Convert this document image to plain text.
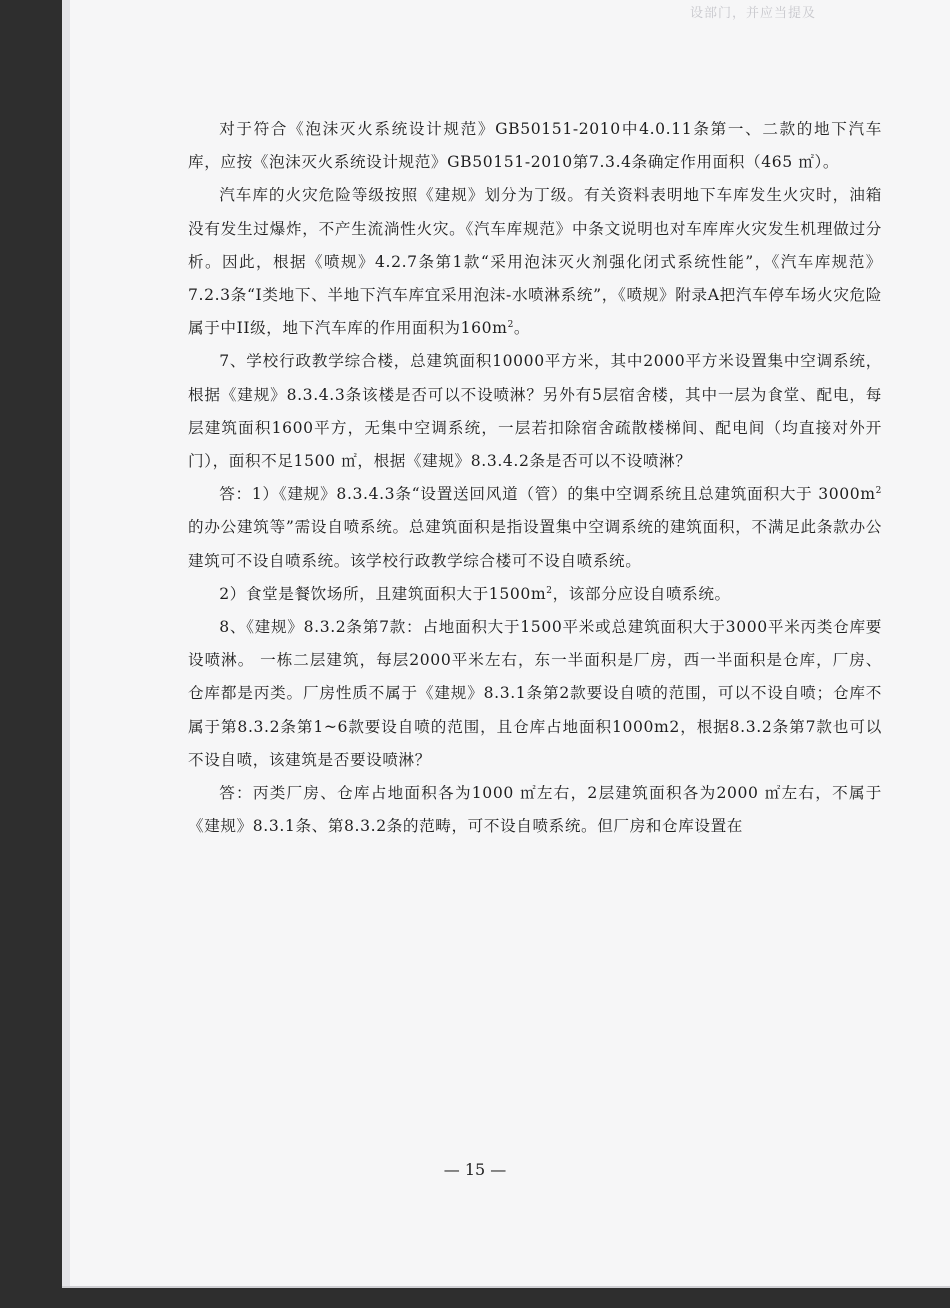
设部门，并应当提及

对于符合《泡沫灭火系统设计规范》GB50151-2010中4.0.11条第一、二款的地下汽车库，应按《泡沫灭火系统设计规范》GB50151-2010第7.3.4条确定作用面积（465 ㎡）。

汽车库的火灾危险等级按照《建规》划分为丁级。有关资料表明地下车库发生火灾时，油箱没有发生过爆炸，不产生流淌性火灾。《汽车库规范》中条文说明也对车库库火灾发生机理做过分析。因此，根据《喷规》4.2.7条第1款“采用泡沫灭火剂强化闭式系统性能”，《汽车库规范》7.2.3条“I类地下、半地下汽车库宜采用泡沫-水喷淋系统”，《喷规》附录A把汽车停车场火灾危险属于中II级，地下汽车库的作用面积为$160m^2$。

7、学校行政教学综合楼，总建筑面积10000平方米，其中2000平方米设置集中空调系统，根据《建规》8.3.4.3条该楼是否可以不设喷淋？另外有5层宿舍楼，其中一层为食堂、配电，每层建筑面积1600平方，无集中空调系统，一层若扣除宿舍疏散楼梯间、配电间（均直接对外开门），面积不足1500 ㎡，根据《建规》8.3.4.2条是否可以不设喷淋？

答：1）《建规》8.3.4.3条“设置送回风道（管）的集中空调系统且总建筑面积大于 $3000m^2$的办公建筑等”需设自喷系统。总建筑面积是指设置集中空调系统的建筑面积，不满足此条款办公建筑可不设自喷系统。该学校行政教学综合楼可不设自喷系统。

2）食堂是餐饮场所，且建筑面积大于$1500m^2$，该部分应设自喷系统。

8、《建规》8.3.2条第7款：占地面积大于1500平米或总建筑面积大于3000平米丙类仓库要设喷淋。 一栋二层建筑，每层2000平米左右，东一半面积是厂房，西一半面积是仓库，厂房、仓库都是丙类。厂房性质不属于《建规》8.3.1条第2款要设自喷的范围，可以不设自喷；仓库不属于第8.3.2条第1~6款要设自喷的范围，且仓库占地面积1000m2，根据8.3.2条第7款也可以不设自喷，该建筑是否要设喷淋？

答：丙类厂房、仓库占地面积各为1000 ㎡左右，2层建筑面积各为2000 ㎡左右，不属于《建规》8.3.1条、第8.3.2条的范畴，可不设自喷系统。但厂房和仓库设置在

— 15 —
